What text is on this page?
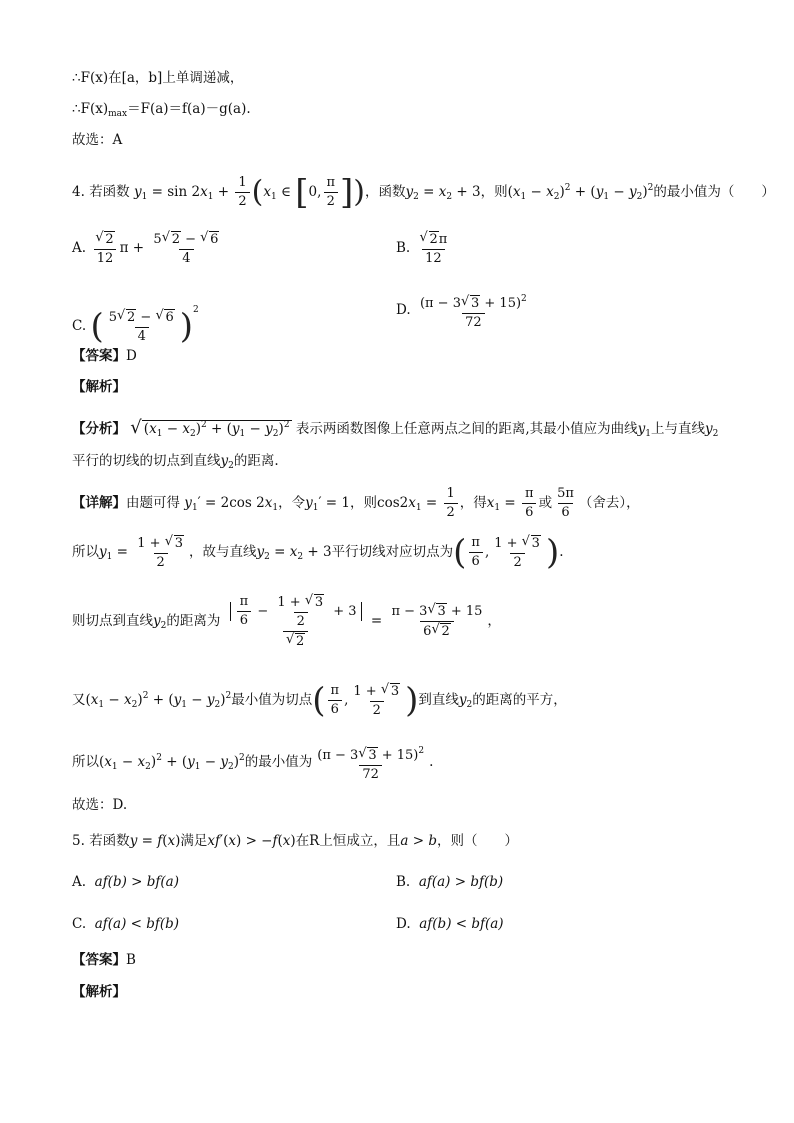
∴F(x)在[a，b]上单调递减，
$\therefore F(x)_{max}=F(a)=f(a)-g(a)$.
故选：A
4. 若函数 $y_1 = \sin 2x_1 + \frac{1}{2} (x_1$ ∈ [0, $\frac{\pi}{2}$ ])，函数$y_2 = x_2 + 3$，则$(x_1 - x_2)^2 + (y_1 - y_2)^2$的最小值为（　　）
A. √ $\frac{2}{12}$ $\pi + \frac{5 √ 2 - √ 6}{4}$	B. √ $\frac{2\pi}{12}$
C. ( $\frac{5 √ 2 - √ 6}{4} )^2$	D. $\frac{(\pi - 3 √ 3 + 15)^2}{72}$
【答案】D
【解析】
【分析】 √ $(x_1 - x_2)^2 + (y_1 - y_2)^2$ 表示两函数图像上任意两点之间的距离,其最小值应为曲线$y_1$上与直线$y_2$
平行的切线的切点到直线$y_2$的距离.
【详解】由题可得 $y_1' = 2\cos$ $2x_1$，令$y_1' = 1$，则$\cos 2x_1 = \frac{1}{2}$ ，得$x_1 = \frac{\pi}{6}$ 或 $\frac{5\pi}{6}$ （舍去），
所以$y_1 = \frac{1 + √ 3}{2}$ ，故与直线$y_2 = x_2 + 3$平行切线对应切点为( $\frac{\pi}{6}$ , $\frac{1 + √ 3}{2}$ ).
则切点到直线$y_2$的距离为 $\frac{\pi}{6} - \frac{1 + √ 3}{2} + 3$
√ $2 = \frac{\pi - 3 √ 3 + 15}{6 √ 2}$ ，
又$(x_1 - x_2)^2 + (y_1 - y_2)^2$最小值为切点( $\frac{\pi}{6}$ , $\frac{1 + √ 3}{2}$ )到直线$y_2$的距离的平方，
所以$(x_1 - x_2)^2 + (y_1 - y_2)^2$的最小值为 $\frac{(\pi - 3 √ 3 + 15)^2}{72}$ .
故选：D.
5. 若函数y = f(x)满足xf′(x) > −f(x)在R上恒成立，且a > b，则（　　）
A. af(b) > bf(a)	B. af(a) > bf(b)
C. af(a) < bf(b)	D. af(b) < bf(a)
【答案】B
【解析】
